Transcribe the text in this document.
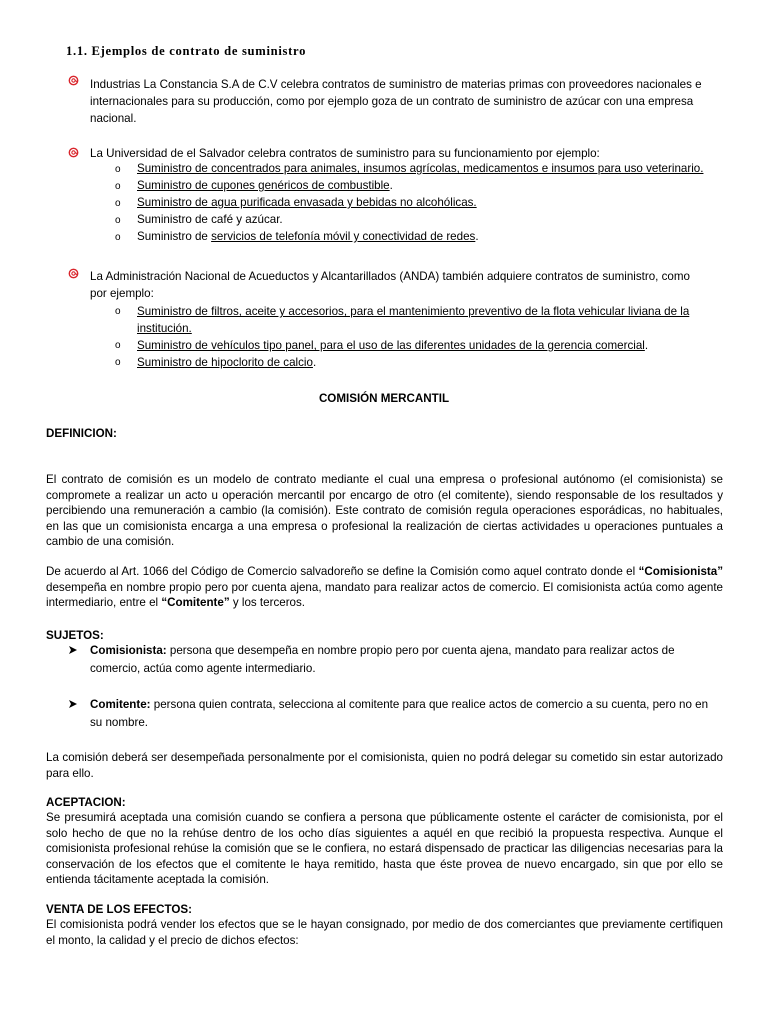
1.1. Ejemplos de contrato de suministro
Industrias La Constancia S.A de C.V celebra contratos de suministro de materias primas con proveedores nacionales e internacionales para su producción, como por ejemplo goza de un contrato de suministro de azúcar con una empresa nacional.
La Universidad de el Salvador celebra contratos de suministro para su funcionamiento por ejemplo:
o	Suministro de concentrados para animales, insumos agrícolas, medicamentos e insumos para uso veterinario.
o	Suministro de cupones genéricos de combustible.
o	Suministro de agua purificada envasada y bebidas no alcohólicas.
o	Suministro de café y azúcar.
o	Suministro de servicios de telefonía móvil y conectividad de redes.
La Administración Nacional de Acueductos y Alcantarillados (ANDA) también adquiere contratos de suministro, como por ejemplo:
o	Suministro de filtros, aceite y accesorios, para el mantenimiento preventivo de la flota vehicular liviana de la institución.
o	Suministro de vehículos tipo panel, para el uso de las diferentes unidades de la gerencia comercial.
o	Suministro de hipoclorito de calcio.
COMISIÓN MERCANTIL
DEFINICION:
El contrato de comisión es un modelo de contrato mediante el cual una empresa o profesional autónomo (el comisionista) se compromete a realizar un acto u operación mercantil por encargo de otro (el comitente), siendo responsable de los resultados y percibiendo una remuneración a cambio (la comisión). Este contrato de comisión regula operaciones esporádicas, no habituales, en las que un comisionista encarga a una empresa o profesional la realización de ciertas actividades u operaciones puntuales a cambio de una comisión.
De acuerdo al Art. 1066 del Código de Comercio salvadoreño se define la Comisión como aquel contrato donde el “Comisionista” desempeña en nombre propio pero por cuenta ajena, mandato para realizar actos de comercio. El comisionista actúa como agente intermediario, entre el “Comitente” y los terceros.
SUJETOS:
Comisionista: persona que desempeña en nombre propio pero por cuenta ajena, mandato para realizar actos de comercio, actúa como agente intermediario.
Comitente: persona quien contrata, selecciona al comitente para que realice actos de comercio a su cuenta, pero no en su nombre.
La comisión deberá ser desempeñada personalmente por el comisionista, quien no podrá delegar su cometido sin estar autorizado para ello.
ACEPTACION:
Se presumirá aceptada una comisión cuando se confiera a persona que públicamente ostente el carácter de comisionista, por el solo hecho de que no la rehúse dentro de los ocho días siguientes a aquél en que recibió la propuesta respectiva. Aunque el comisionista profesional rehúse la comisión que se le confiera, no estará dispensado de practicar las diligencias necesarias para la conservación de los efectos que el comitente le haya remitido, hasta que éste provea de nuevo encargado, sin que por ello se entienda tácitamente aceptada la comisión.
VENTA DE LOS EFECTOS:
El comisionista podrá vender los efectos que se le hayan consignado, por medio de dos comerciantes que previamente certifiquen el monto, la calidad y el precio de dichos efectos:
